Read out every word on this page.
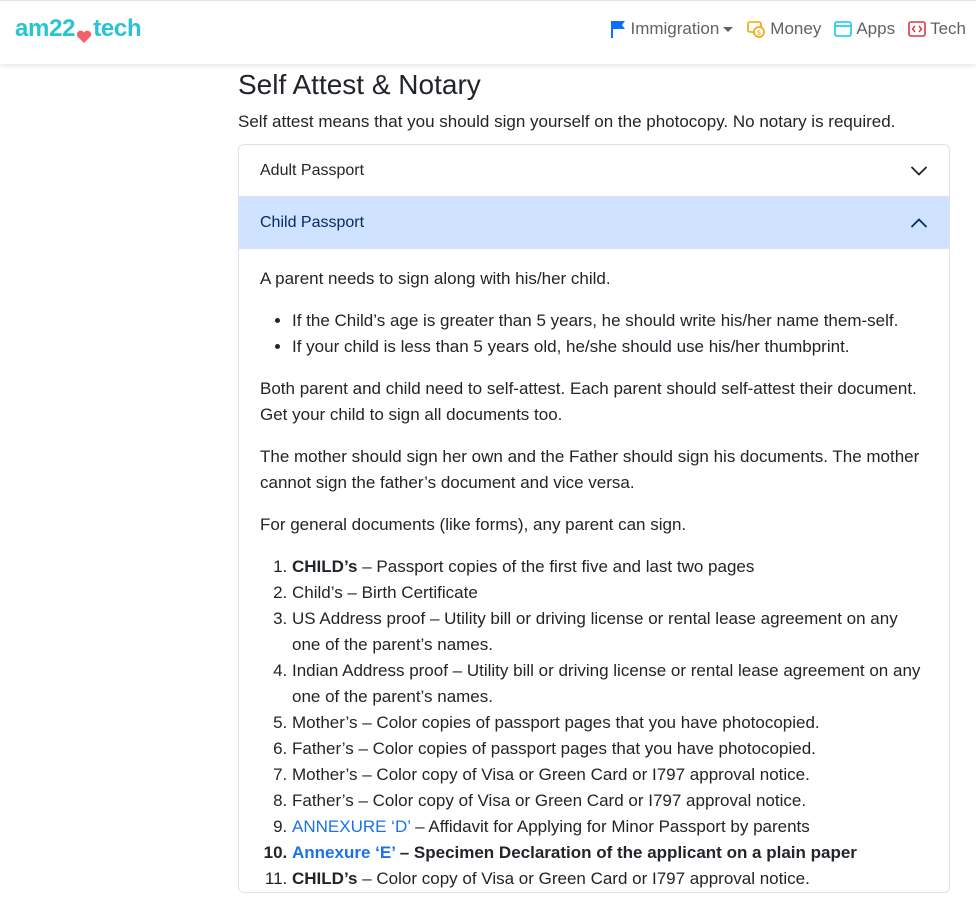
am22 tech	Immigration	$ Money Apps Tech
Self Attest & Notary
Self attest means that you should sign yourself on the photocopy. No notary is required.
Adult Passport
Child Passport

A parent needs to sign along with his/her child.

• If the Child’s age is greater than 5 years, he should write his/her name them-self.
• If your child is less than 5 years old, he/she should use his/her thumbprint.

Both parent and child need to self-attest. Each parent should self-attest their document. Get your child to sign all documents too.

The mother should sign her own and the Father should sign his documents. The mother cannot sign the father’s document and vice versa.

For general documents (like forms), any parent can sign.

1. CHILD’s – Passport copies of the first five and last two pages
2. Child’s – Birth Certificate
3. US Address proof – Utility bill or driving license or rental lease agreement on any one of the parent’s names.
4. Indian Address proof – Utility bill or driving license or rental lease agreement on any one of the parent’s names.
5. Mother’s – Color copies of passport pages that you have photocopied.
6. Father’s – Color copies of passport pages that you have photocopied.
7. Mother’s – Color copy of Visa or Green Card or I797 approval notice.
8. Father’s – Color copy of Visa or Green Card or I797 approval notice.
9. ANNEXURE ‘D’ – Affidavit for Applying for Minor Passport by parents
10. Annexure ‘E’ – Specimen Declaration of the applicant on a plain paper
11. CHILD’s – Color copy of Visa or Green Card or I797 approval notice.
